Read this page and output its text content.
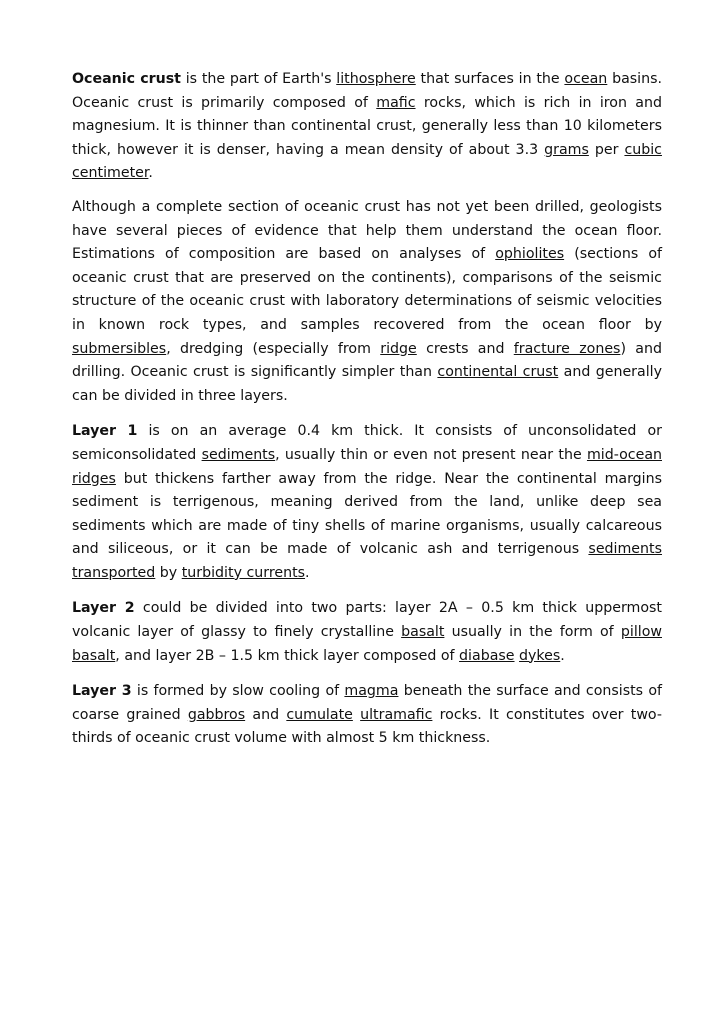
Oceanic crust is the part of Earth's lithosphere that surfaces in the ocean basins. Oceanic crust is primarily composed of mafic rocks, which is rich in iron and magnesium. It is thinner than continental crust, generally less than 10 kilometers thick, however it is denser, having a mean density of about 3.3 grams per cubic centimeter.

Although a complete section of oceanic crust has not yet been drilled, geologists have several pieces of evidence that help them understand the ocean floor. Estimations of composition are based on analyses of ophiolites (sections of oceanic crust that are preserved on the continents), comparisons of the seismic structure of the oceanic crust with laboratory determinations of seismic velocities in known rock types, and samples recovered from the ocean floor by submersibles, dredging (especially from ridge crests and fracture zones) and drilling. Oceanic crust is significantly simpler than continental crust and generally can be divided in three layers.

Layer 1 is on an average 0.4 km thick. It consists of unconsolidated or semiconsolidated sediments, usually thin or even not present near the mid-ocean ridges but thickens farther away from the ridge. Near the continental margins sediment is terrigenous, meaning derived from the land, unlike deep sea sediments which are made of tiny shells of marine organisms, usually calcareous and siliceous, or it can be made of volcanic ash and terrigenous sediments transported by turbidity currents.

Layer 2 could be divided into two parts: layer 2A – 0.5 km thick uppermost volcanic layer of glassy to finely crystalline basalt usually in the form of pillow basalt, and layer 2B – 1.5 km thick layer composed of diabase dykes.

Layer 3 is formed by slow cooling of magma beneath the surface and consists of coarse grained gabbros and cumulate ultramafic rocks. It constitutes over two-thirds of oceanic crust volume with almost 5 km thickness.
